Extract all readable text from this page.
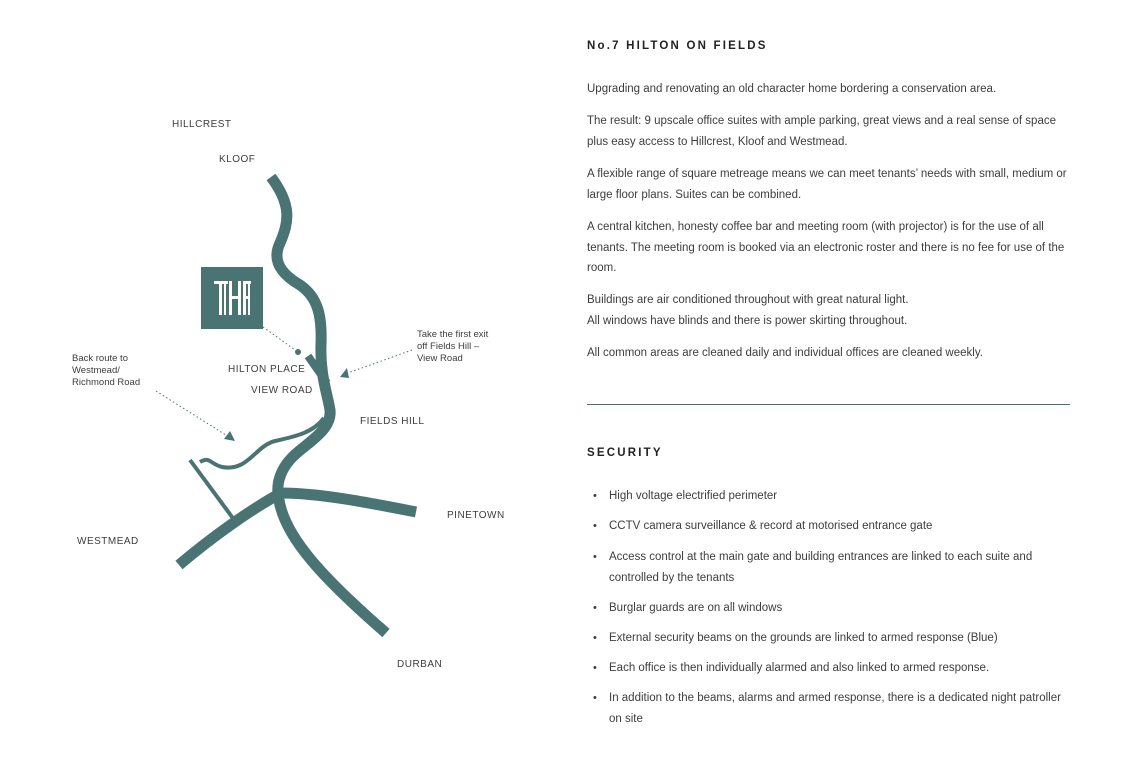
HILLCREST
KLOOF
HILTON PLACE
VIEW ROAD
FIELDS HILL
PINETOWN
WESTMEAD
DURBAN
Back route to
Westmead/
Richmond Road
Take the first exit
off Fields Hill –
View Road
No.7 HILTON ON FIELDS

Upgrading and renovating an old character home bordering a conservation area.

The result: 9 upscale office suites with ample parking, great views and a real sense of space plus easy access to Hillcrest, Kloof and Westmead.

A flexible range of square metreage means we can meet tenants’ needs with small, medium or large floor plans. Suites can be combined.

A central kitchen, honesty coffee bar and meeting room (with projector) is for the use of all tenants. The meeting room is booked via an electronic roster and there is no fee for use of the room.

Buildings are air conditioned throughout with great natural light.

All windows have blinds and there is power skirting throughout.

All common areas are cleaned daily and individual offices are cleaned weekly.

SECURITY
• High voltage electrified perimeter
• CCTV camera surveillance & record at motorised entrance gate
• Access control at the main gate and building entrances are linked to each suite and controlled by the tenants
• Burglar guards are on all windows
• External security beams on the grounds are linked to armed response (Blue)
• Each office is then individually alarmed and also linked to armed response.
• In addition to the beams, alarms and armed response, there is a dedicated night patroller on site
